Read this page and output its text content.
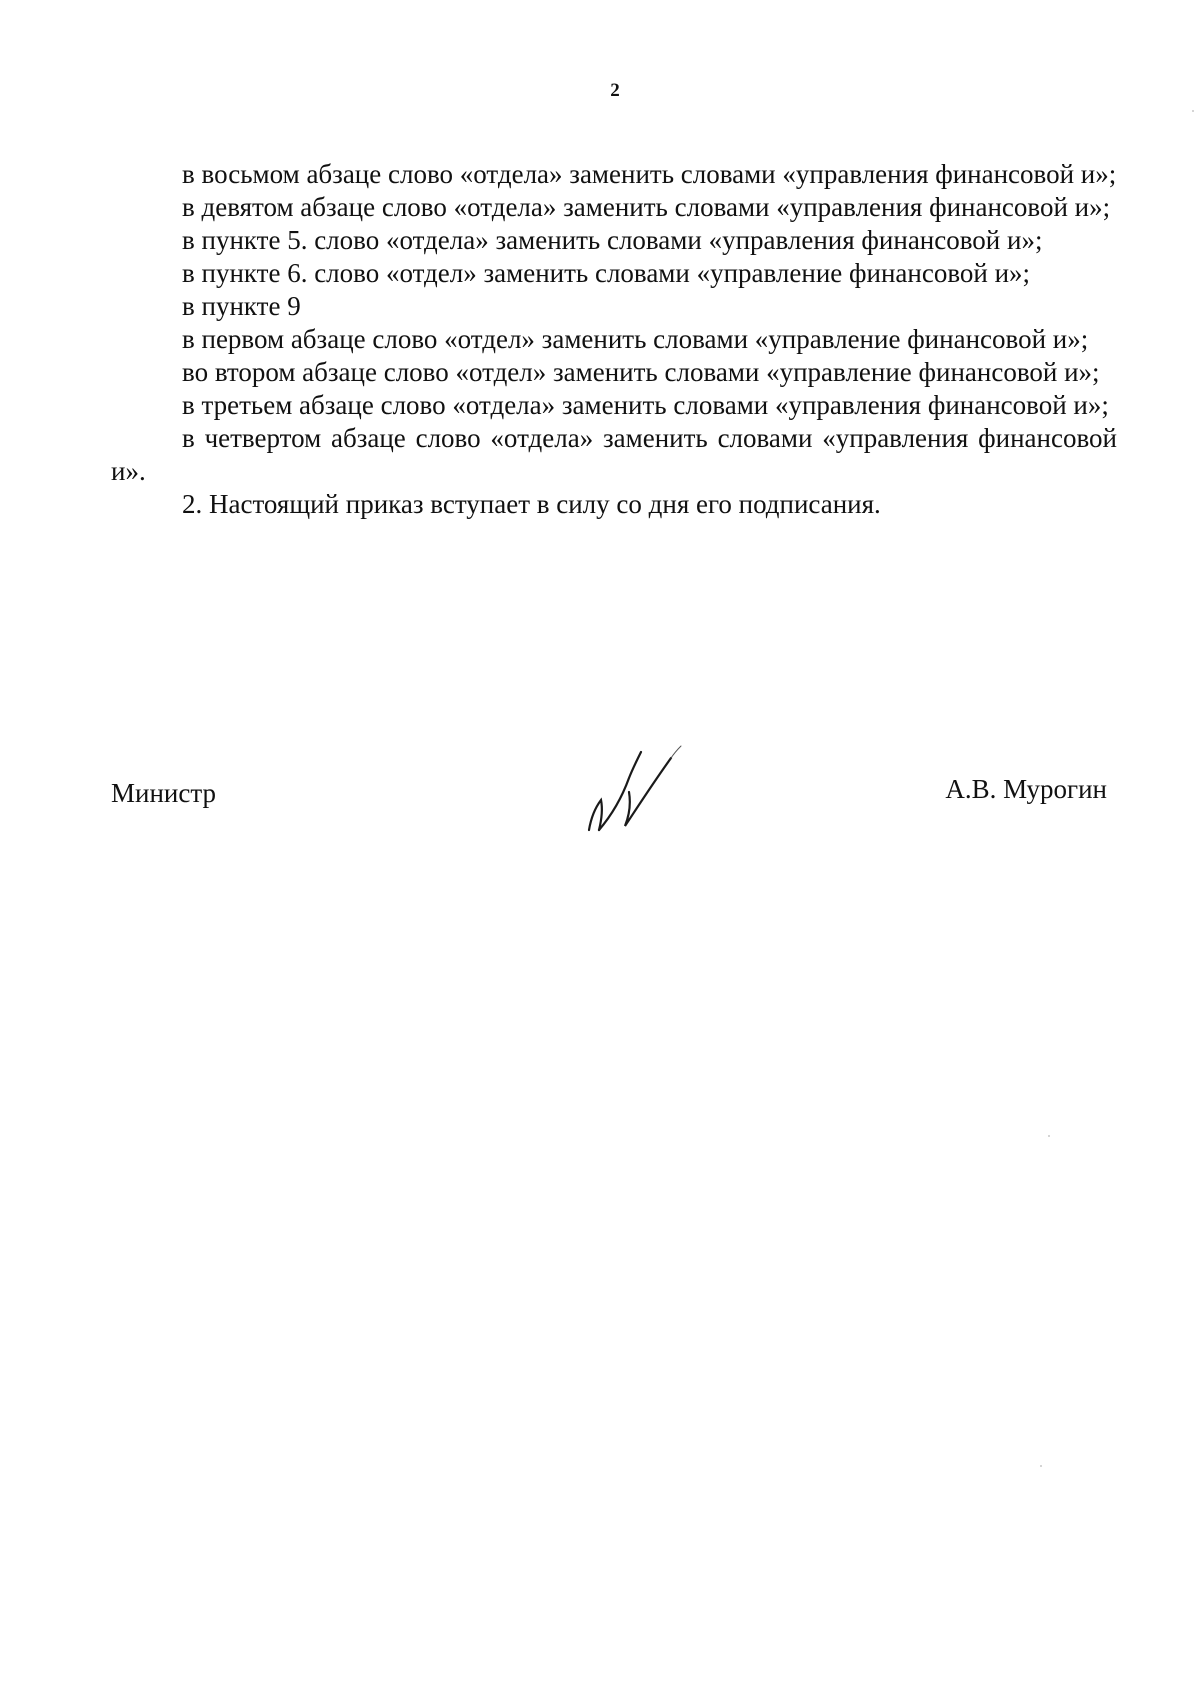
2

в восьмом абзаце слово «отдела» заменить словами «управления финансовой и»;

в девятом абзаце слово «отдела» заменить словами «управления финансовой и»;

в пункте 5. слово «отдела» заменить словами «управления финансовой и»;

в пункте 6. слово «отдел» заменить словами «управление финансовой и»;

в пункте 9

в первом абзаце слово «отдел» заменить словами «управление финансовой и»;

во втором абзаце слово «отдел» заменить словами «управление финансовой и»;

в третьем абзаце слово «отдела» заменить словами «управления финансовой и»;

в четвертом абзаце слово «отдела» заменить словами «управления финансовой и».

2. Настоящий приказ вступает в силу со дня его подписания.

Министр	А.В. Мурогин
